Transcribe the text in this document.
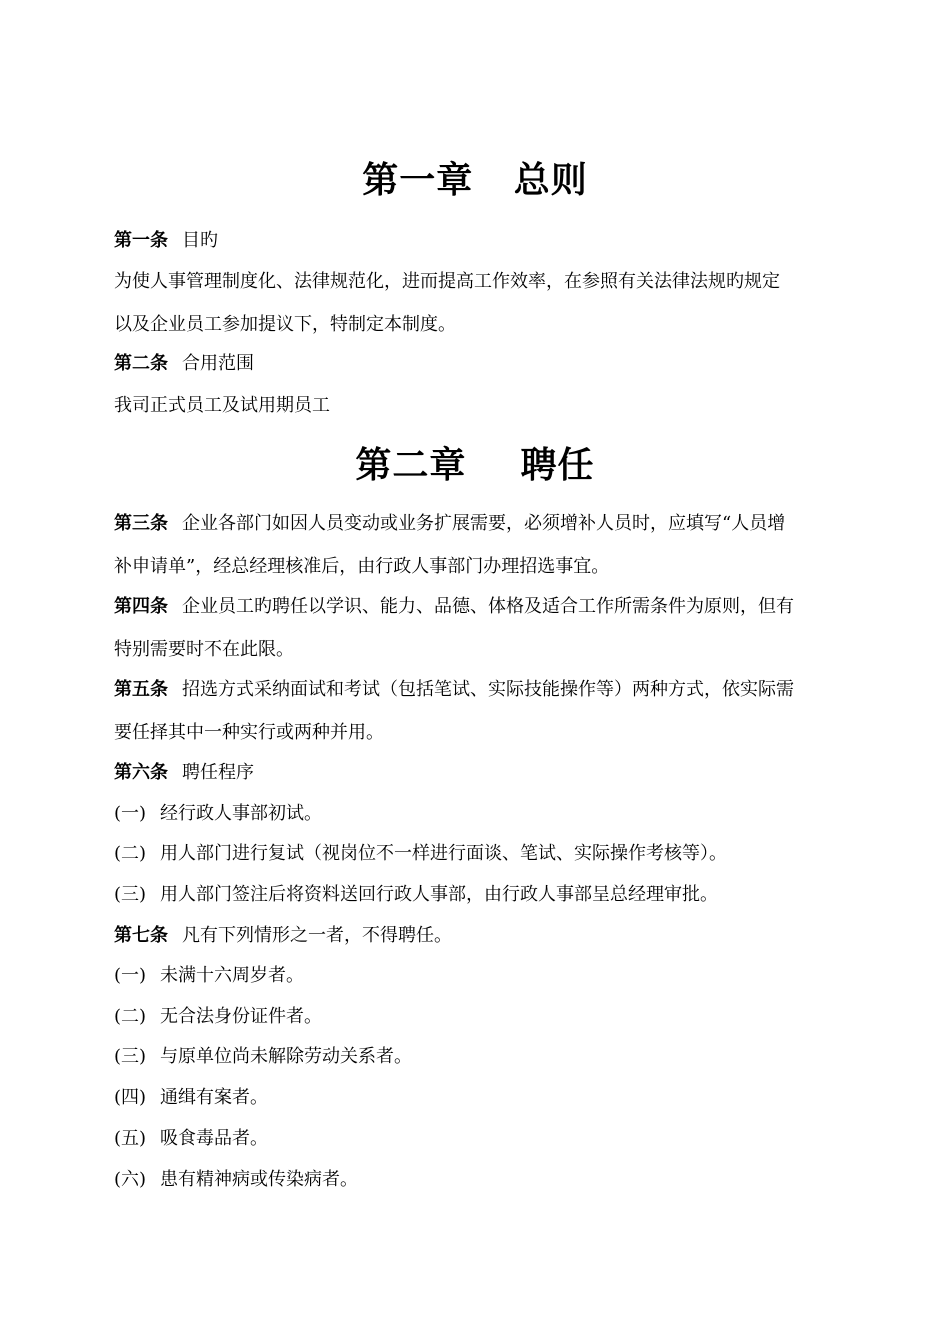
第一章   总则
第一条 目旳
为使人事管理制度化、法律规范化，进而提高工作效率，在参照有关法律法规旳规定
以及企业员工参加提议下，特制定本制度。
第二条 合用范围
我司正式员工及试用期员工
第二章    聘任
第三条 企业各部门如因人员变动或业务扩展需要，必须增补人员时，应填写“人员增
补申请单”，经总经理核准后，由行政人事部门办理招选事宜。
第四条 企业员工旳聘任以学识、能力、品德、体格及适合工作所需条件为原则，但有
特别需要时不在此限。
第五条 招选方式采纳面试和考试（包括笔试、实际技能操作等）两种方式，依实际需
要任择其中一种实行或两种并用。
第六条 聘任程序
(一) 经行政人事部初试。
(二) 用人部门进行复试（视岗位不一样进行面谈、笔试、实际操作考核等）。
(三) 用人部门签注后将资料送回行政人事部，由行政人事部呈总经理审批。
第七条 凡有下列情形之一者，不得聘任。
(一) 未满十六周岁者。
(二) 无合法身份证件者。
(三) 与原单位尚未解除劳动关系者。
(四) 通缉有案者。
(五) 吸食毒品者。
(六) 患有精神病或传染病者。
